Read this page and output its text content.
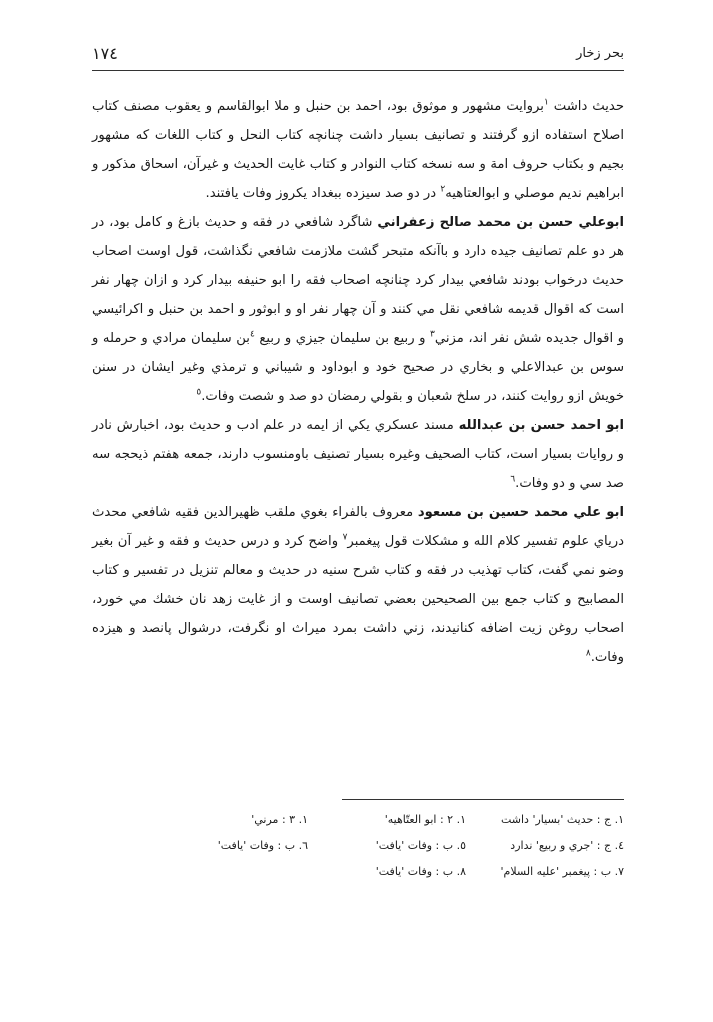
١٧٤	بحر زخار

حديث داشت $^١$بروايت مشهور و موثوق بود، احمد بن حنبل و ملا ابوالقاسم و يعقوب مصنف كتاب اصلاح استفاده ازو گرفتند و تصانيف بسيار داشت چنانچه كتاب النحل و كتاب اللغات كه مشهور بجيم و بكتاب حروف امة و سه نسخه كتاب النوادر و كتاب غايت الحديث و غيرآن، اسحاق مذكور و ابراهيم نديم موصلي و ابوالعتاهيه$^٢$ در دو صد سيزده ببغداد يكروز وفات يافتند.

ابوعلي حسن بن محمد صالح زعفراني شاگرد شافعي در فقه و حديث بازغ و كامل بود، در هر دو علم تصانيف جيده دارد و باآنكه متبحر گشت ملازمت شافعي نگذاشت، قول اوست اصحاب حديث درخواب بودند شافعي بيدار كرد چنانچه اصحاب فقه را ابو حنيفه بيدار كرد و ازان چهار نفر است كه اقوال قديمه شافعي نقل مي كنند و آن چهار نفر او و ابوثور و احمد بن حنبل و اكرائيسي و اقوال جديده شش نفر اند، مزني$^٣$ و ربيع بن سليمان جيزي و ربيع $^٤$بن سليمان مرادي و حرمله و سوس بن عبدالاعلي و بخاري در صحيح خود و ابوداود و شيباني و ترمذي وغير ايشان در سنن خويش ازو روايت كنند، در سلخ شعبان و بقولي رمضان دو صد و شصت وفات.$^٥$

ابو احمد حسن بن عبدالله مسند عسكري يكي از ايمه در علم ادب و حديث بود، اخبارش نادر و روايات بسيار است، كتاب الصحيف وغيره بسيار تصنيف باومنسوب دارند، جمعه هفتم ذيحجه سه صد سي و دو وفات.$^٦$

ابو علي محمد حسين بن مسعود معروف بالفراء بغوي ملقب ظهيرالدين فقيه شافعي محدث درياي علوم تفسير كلام الله و مشكلات قول پيغمبر$^٧$ واضح كرد و درس حديث و فقه و غير آن بغير وضو نمي گفت، كتاب تهذيب در فقه و كتاب شرح سنيه در حديث و معالم تنزيل در تفسير و كتاب المصابيح و كتاب جمع بين الصحيحين بعضي تصانيف اوست و از غايت زهد نان خشك مي خورد، اصحاب روغن زيت اضافه كنانيدند، زني داشت بمرد ميراث او نگرفت، درشوال پانصد و هيزده وفات.$^٨$

١. ج : حديث 'بسيار' داشت
١. ٢ : ابو العتّاهيه'
١. ٣ : مرني'
٤. ج : 'جري و ربيع' ندارد
٥. ب : وفات 'يافت'
٦. ب : وفات 'يافت'
٧. ب : پيغمبر 'عليه السلام'
٨. ب : وفات 'يافت'
